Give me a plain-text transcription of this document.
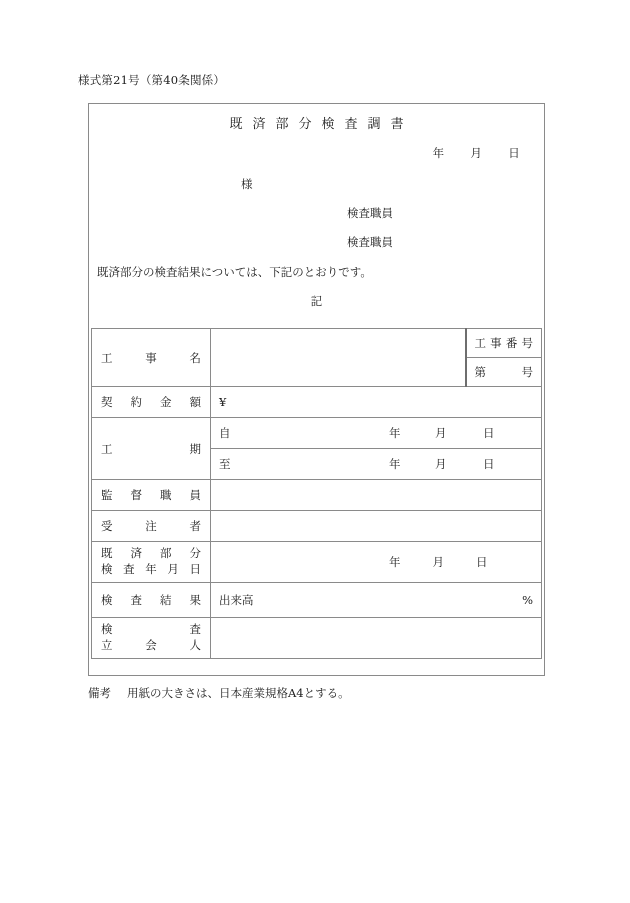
様式第21号（第40条関係）
既済部分検査調書
年 月 日
様
検査職員
検査職員
既済部分の検査結果については、下記のとおりです。
記
工 事 名		工 事 番 号

		第 号

契 約 金 額	¥	

工 期	自 年 月 日	

	至 年 月 日	

監 督 職 員		

受 注 者		

既 済 部 分
検 査 年 月 日	年	月	日

検 査 結 果	出来高 %	

検 査
立 会 人		

備考 用紙の大きさは、日本産業規格A4とする。
